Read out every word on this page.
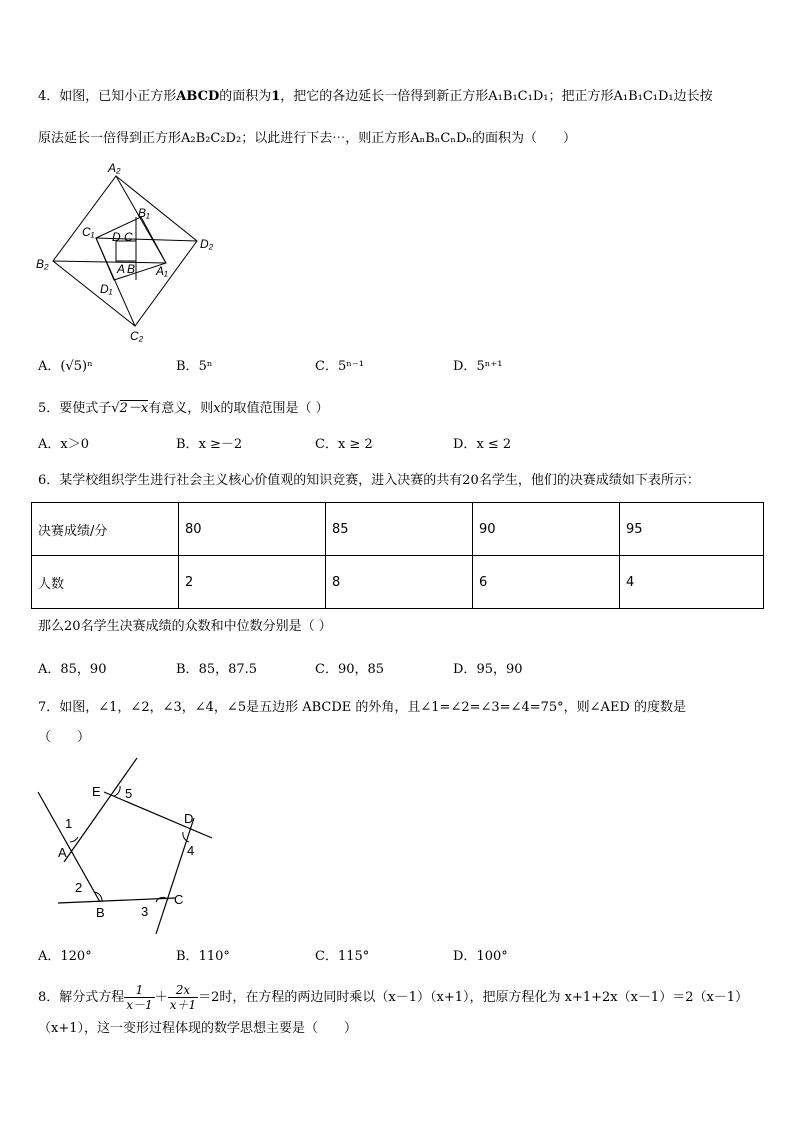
4．如图，已知小正方形ABCD的面积为1，把它的各边延长一倍得到新正方形A₁B₁C₁D₁；把正方形A₁B₁C₁D₁边长按
原法延长一倍得到正方形A₂B₂C₂D₂；以此进行下去⋯，则正方形AₙBₙCₙDₙ的面积为（　　）
A₂
B₂
C₂
D₂
B₁
C₁
A₁
D₁
D C
A B
A．(√5)ⁿ	B．5ⁿ	C．5ⁿ⁻¹	D．5ⁿ⁺¹
5．要使式子√2－x有意义，则x的取值范围是（ ）
A．x＞0	B．x ≥－2	C．x ≥ 2	D．x ≤ 2
6．某学校组织学生进行社会主义核心价值观的知识竞赛，进入决赛的共有20名学生，他们的决赛成绩如下表所示：
决赛成绩/分	80	85	90	95
人数	2	8	6	4
那么20名学生决赛成绩的众数和中位数分别是（ ）
A．85，90	B．85，87.5	C．90，85	D．95，90
7．如图，∠1，∠2，∠3，∠4，∠5是五边形 ABCDE 的外角，且∠1=∠2=∠3=∠4=75°，则∠AED 的度数是
（　　）
E 5
D
4
1
A
2
B
C
3
A．120°	B．110°	C．115°	D．100°
8．解分式方程 $\frac{1}{x-1} + \frac{2x}{x+1} =2$时，在方程的两边同时乘以（x－1）（x+1），把原方程化为 x+1+2x（x－1）＝2（x－1）
（x+1），这一变形过程体现的数学思想主要是（　　）
